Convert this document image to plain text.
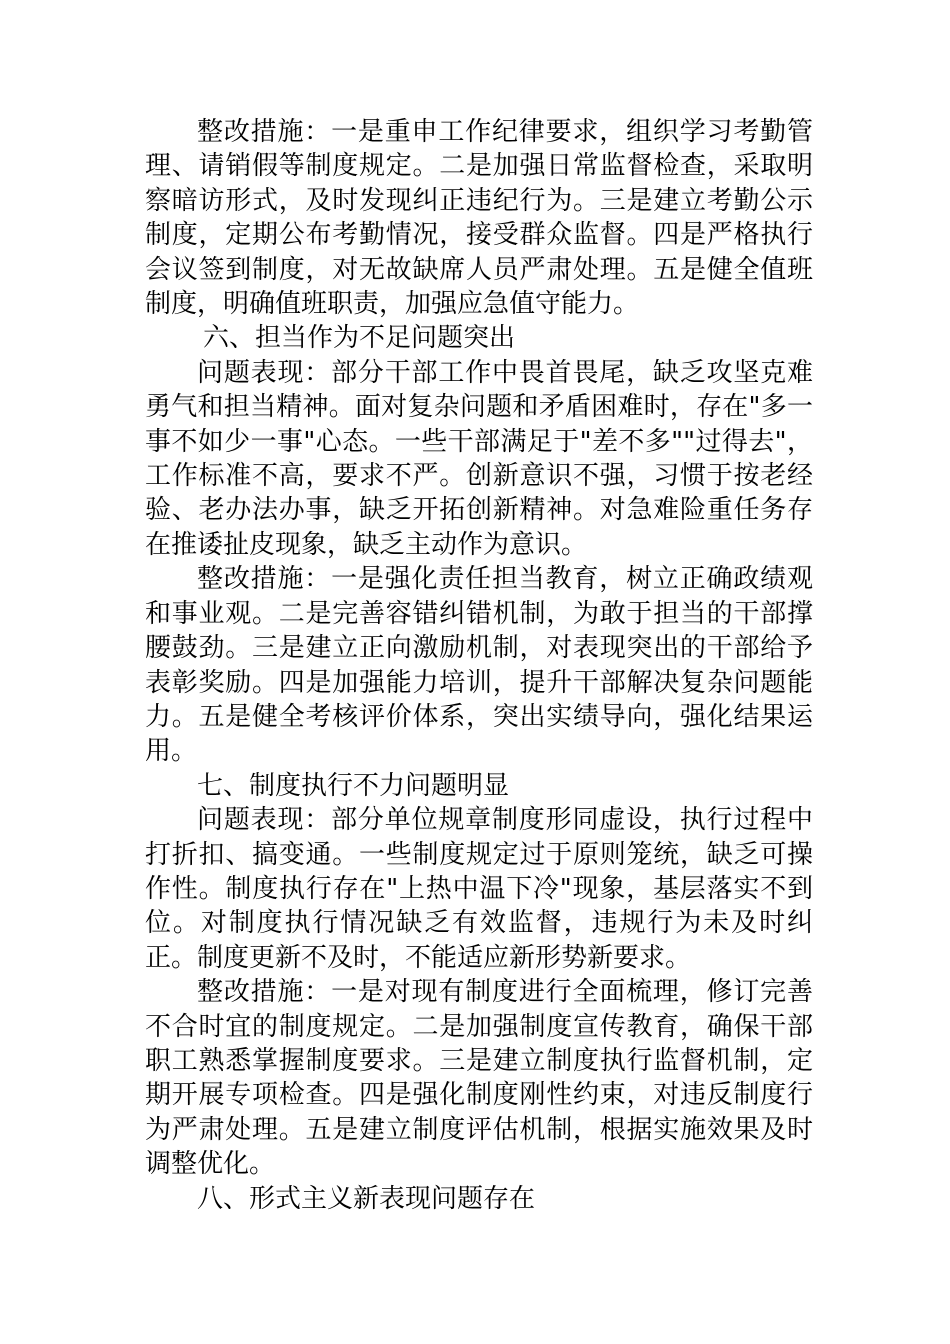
整改措施：一是重申工作纪律要求，组织学习考勤管理、请销假等制度规定。二是加强日常监督检查，采取明察暗访形式，及时发现纠正违纪行为。三是建立考勤公示制度，定期公布考勤情况，接受群众监督。四是严格执行会议签到制度，对无故缺席人员严肃处理。五是健全值班制度，明确值班职责，加强应急值守能力。

六、担当作为不足问题突出

问题表现：部分干部工作中畏首畏尾，缺乏攻坚克难勇气和担当精神。面对复杂问题和矛盾困难时，存在"多一事不如少一事"心态。一些干部满足于"差不多""过得去"，工作标准不高，要求不严。创新意识不强，习惯于按老经验、老办法办事，缺乏开拓创新精神。对急难险重任务存在推诿扯皮现象，缺乏主动作为意识。

整改措施：一是强化责任担当教育，树立正确政绩观和事业观。二是完善容错纠错机制，为敢于担当的干部撑腰鼓劲。三是建立正向激励机制，对表现突出的干部给予表彰奖励。四是加强能力培训，提升干部解决复杂问题能力。五是健全考核评价体系，突出实绩导向，强化结果运用。

七、制度执行不力问题明显

问题表现：部分单位规章制度形同虚设，执行过程中打折扣、搞变通。一些制度规定过于原则笼统，缺乏可操作性。制度执行存在"上热中温下冷"现象，基层落实不到位。对制度执行情况缺乏有效监督，违规行为未及时纠正。制度更新不及时，不能适应新形势新要求。

整改措施：一是对现有制度进行全面梳理，修订完善不合时宜的制度规定。二是加强制度宣传教育，确保干部职工熟悉掌握制度要求。三是建立制度执行监督机制，定期开展专项检查。四是强化制度刚性约束，对违反制度行为严肃处理。五是建立制度评估机制，根据实施效果及时调整优化。

八、形式主义新表现问题存在
